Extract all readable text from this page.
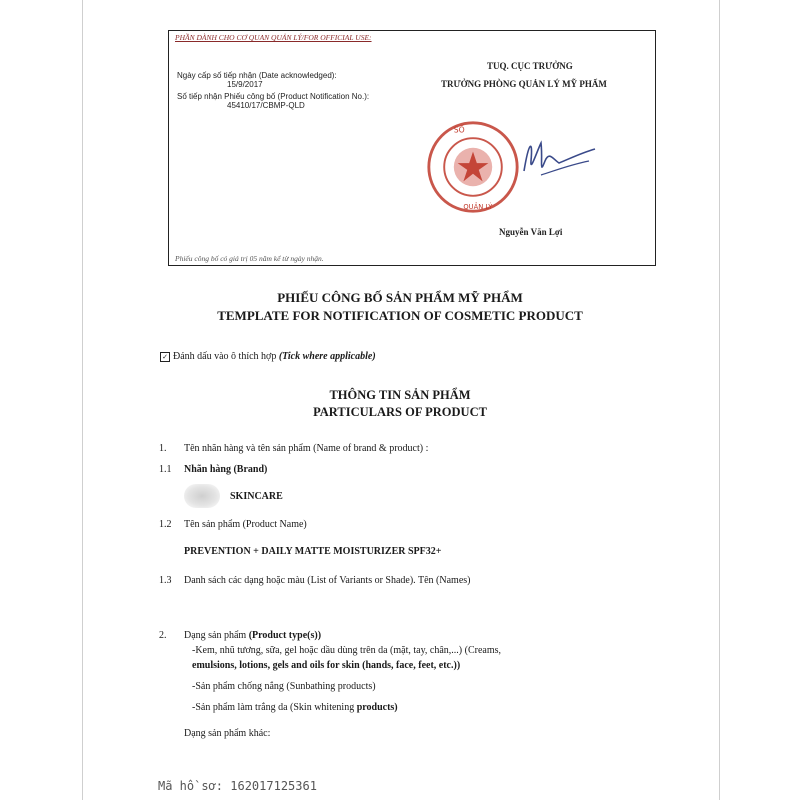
PHẦN DÀNH CHO CƠ QUAN QUẢN LÝ/FOR OFFICIAL USE:
Ngày cấp số tiếp nhận (Date acknowledged):
15/9/2017
Số tiếp nhận Phiếu công bố (Product Notification No.):
45410/17/CBMP-QLD
TUQ. CỤC TRƯỞNG
TRƯỞNG PHÒNG QUẢN LÝ MỸ PHẨM
SỐ
QUẢN LÝ
Nguyễn Văn Lợi
Phiếu công bố có giá trị 05 năm kể từ ngày nhận.
PHIẾU CÔNG BỐ SẢN PHẨM MỸ PHẨM
TEMPLATE FOR NOTIFICATION OF COSMETIC PRODUCT
✓ Đánh dấu vào ô thích hợp (Tick where applicable)
THÔNG TIN SẢN PHẨM
PARTICULARS OF PRODUCT
1. Tên nhãn hàng và tên sản phẩm (Name of brand & product) :
1.1 Nhãn hàng (Brand)
SKINCARE
1.2 Tên sản phẩm (Product Name)
PREVENTION + DAILY MATTE MOISTURIZER SPF32+
1.3 Danh sách các dạng hoặc màu (List of Variants or Shade). Tên (Names)
2. Dạng sản phẩm (Product type(s))
-Kem, nhũ tương, sữa, gel hoặc dầu dùng trên da (mặt, tay, chân,...) (Creams,
emulsions, lotions, gels and oils for skin (hands, face, feet, etc.))
-Sản phẩm chống nắng (Sunbathing products)
-Sản phẩm làm trắng da (Skin whitening products)
Dạng sản phẩm khác:
Mã hồ sơ: 162017125361
